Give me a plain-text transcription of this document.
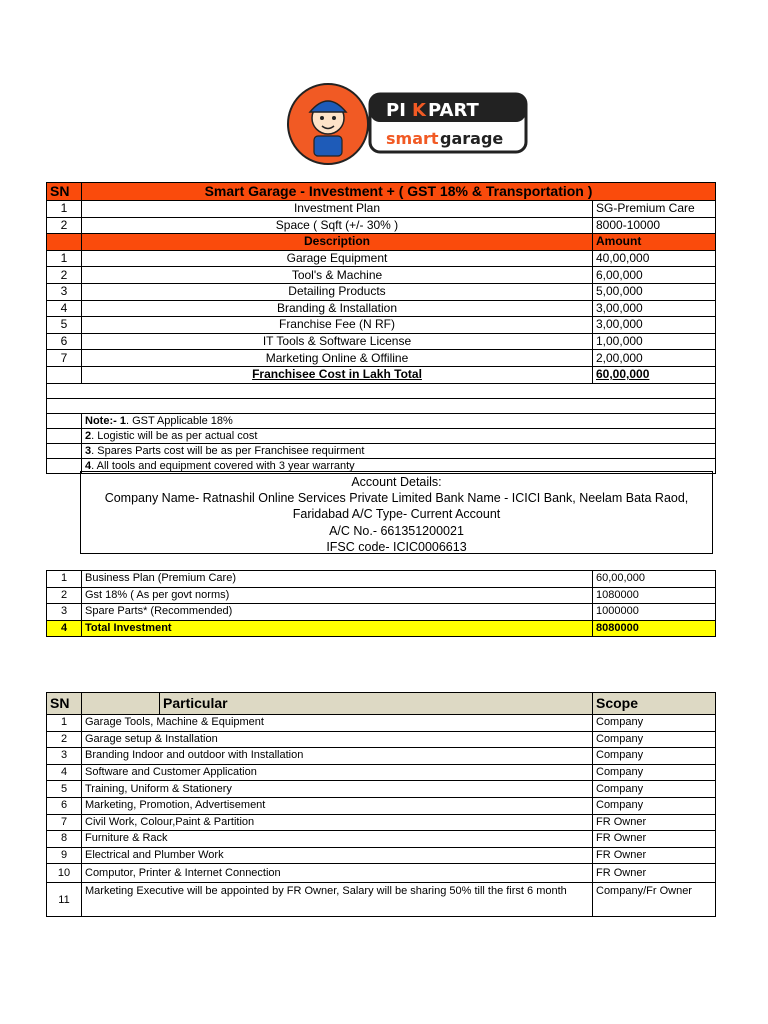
PI K PART
smart garage
SN	Smart Garage - Investment + ( GST 18% & Transportation )	
1	Investment Plan	SG-Premium Care
2	Space ( Sqft (+/- 30% )	8000-10000
	Description	Amount
1	Garage Equipment	40,00,000
2	Tool's & Machine	6,00,000
3	Detailing Products	5,00,000
4	Branding & Installation	3,00,000
5	Franchise Fee (N RF)	3,00,000
6	IT Tools & Software License	1,00,000
7	Marketing Online & Offiline	2,00,000
	Franchisee Cost in Lakh Total	60,00,000

	Note:- 1. GST Applicable 18%	
	2. Logistic will be as per actual cost	
	3. Spares Parts cost will be as per Franchisee requirment	
	4. All tools and equipment covered with 3 year warranty	
Account Details:
Company Name- Ratnashil Online Services Private Limited Bank Name - ICICI Bank, Neelam Bata Raod,
Faridabad A/C Type- Current Account
A/C No.- 661351200021
IFSC code- ICIC0006613
1	Business Plan (Premium Care)	60,00,000
2	Gst 18% ( As per govt norms)	1080000
3	Spare Parts* (Recommended)	1000000
4	Total Investment	8080000
SN		Particular	Scope
1	Garage Tools, Machine & Equipment		Company
2	Garage setup & Installation		Company
3	Branding Indoor and outdoor with Installation		Company
4	Software and Customer Application		Company
5	Training, Uniform & Stationery		Company
6	Marketing, Promotion, Advertisement		Company
7	Civil Work, Colour,Paint & Partition		FR Owner
8	Furniture & Rack		FR Owner
9	Electrical and Plumber Work		FR Owner
10	Computor, Printer & Internet Connection		FR Owner
11	Marketing Executive will be appointed by FR Owner, Salary will be sharing 50% till the first 6 month		Company/Fr Owner
